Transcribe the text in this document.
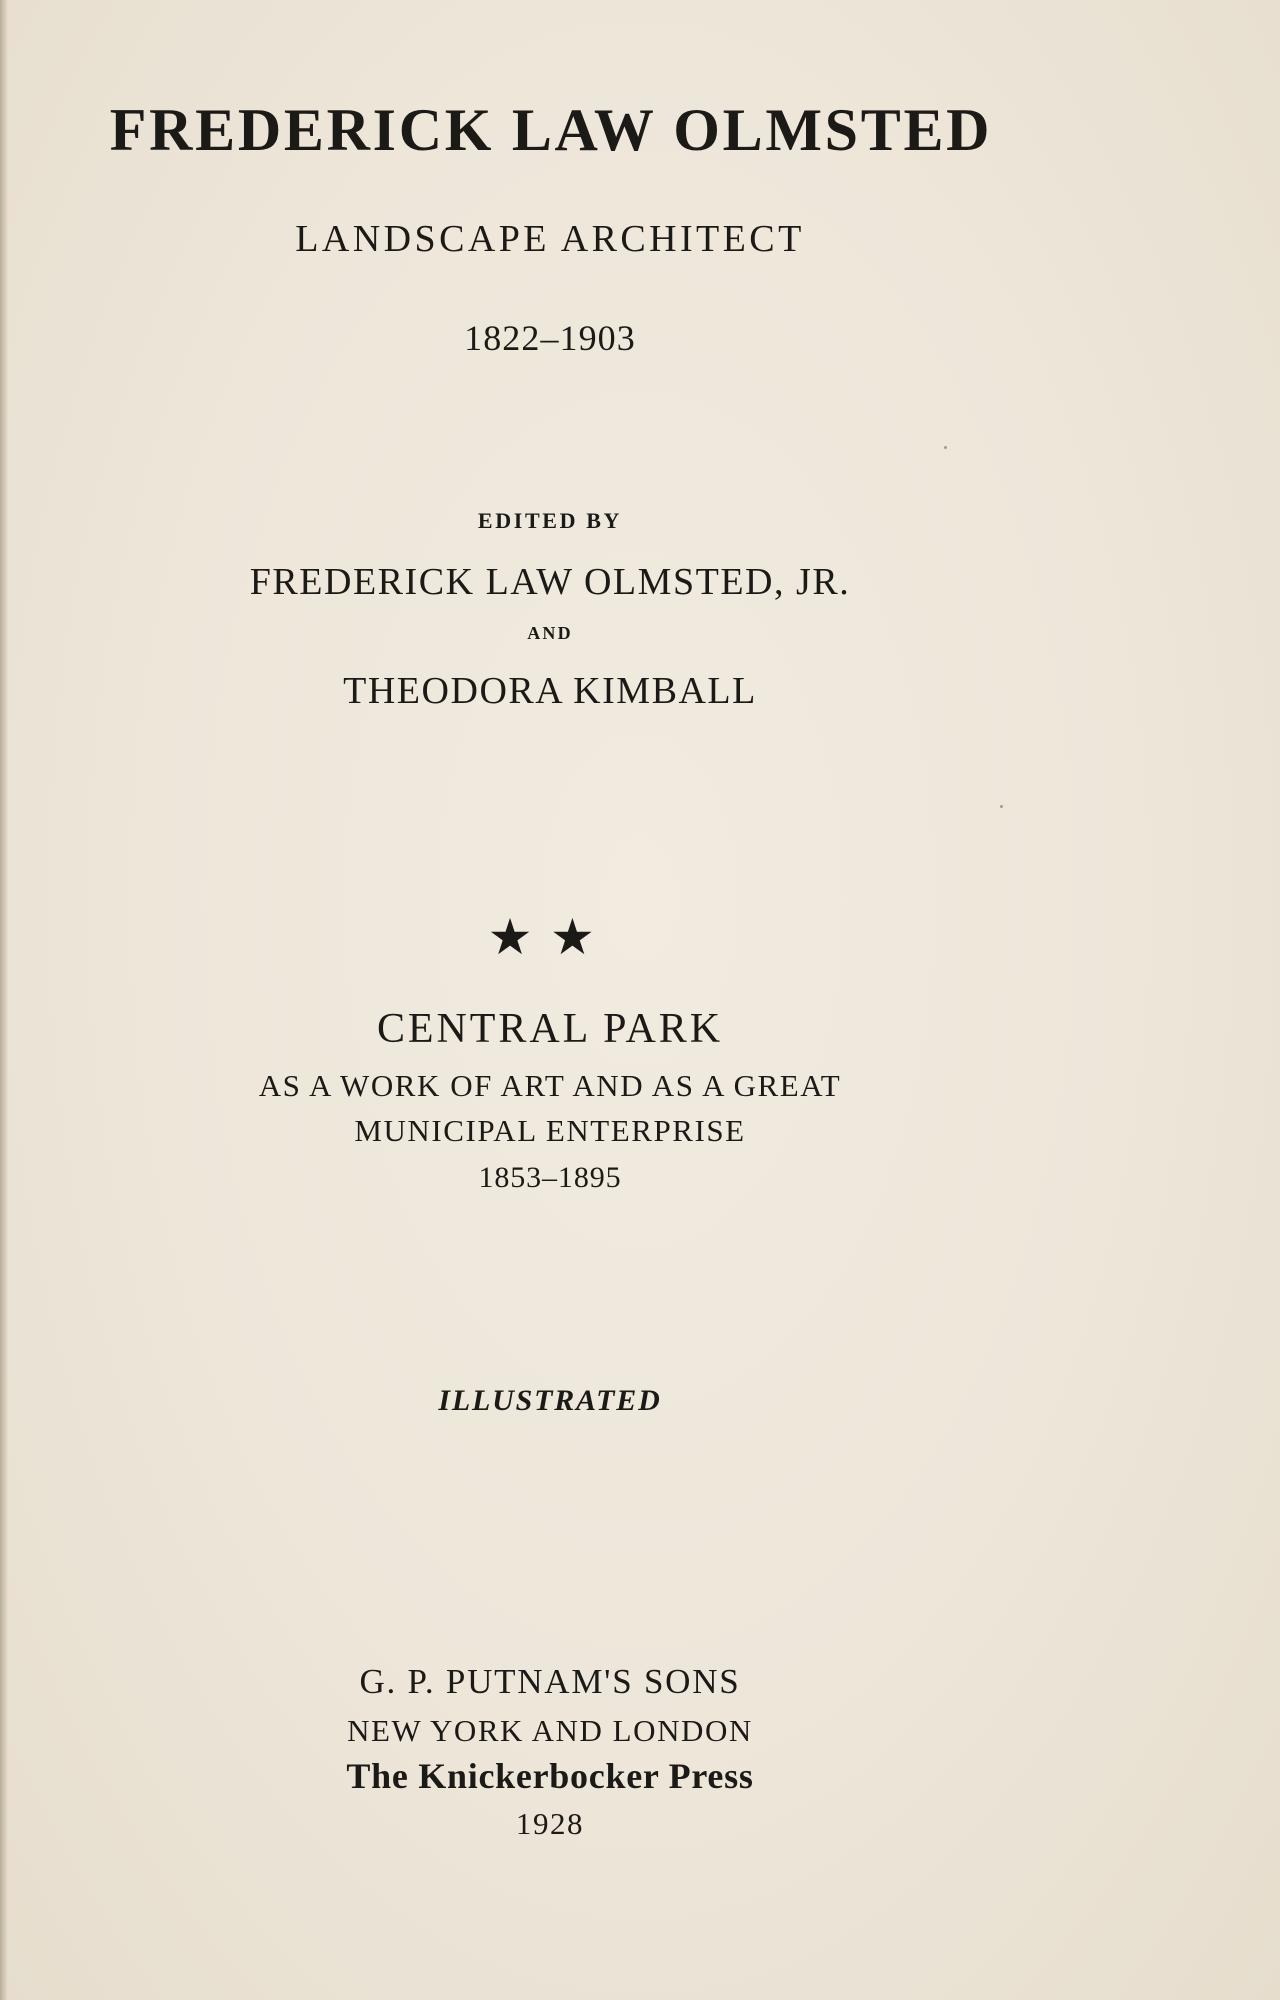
FREDERICK LAW OLMSTED
LANDSCAPE ARCHITECT
1822–1903
EDITED BY
FREDERICK LAW OLMSTED, JR.
AND
THEODORA KIMBALL
★★
CENTRAL PARK
AS A WORK OF ART AND AS A GREAT
MUNICIPAL ENTERPRISE
1853–1895
ILLUSTRATED
G. P. PUTNAM'S SONS
NEW YORK AND LONDON
The Knickerbocker Press
1928
